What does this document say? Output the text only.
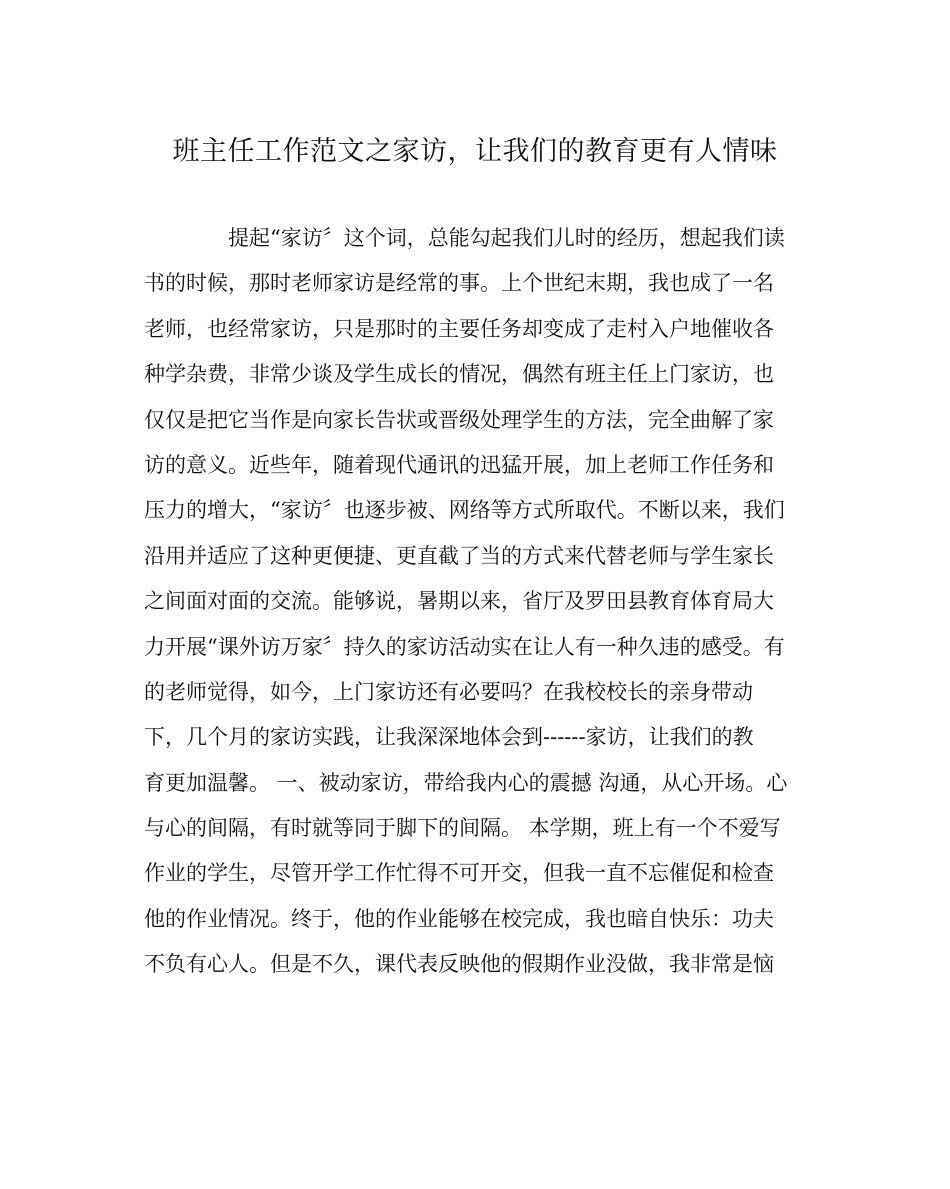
班主任工作范文之家访，让我们的教育更有人情味
提起“家访〞这个词，总能勾起我们儿时的经历，想起我们读
书的时候，那时老师家访是经常的事。上个世纪末期，我也成了一名
老师，也经常家访，只是那时的主要任务却变成了走村入户地催收各
种学杂费，非常少谈及学生成长的情况，偶然有班主任上门家访，也
仅仅是把它当作是向家长告状或晋级处理学生的方法，完全曲解了家
访的意义。近些年，随着现代通讯的迅猛开展，加上老师工作任务和
压力的增大，“家访〞也逐步被、网络等方式所取代。不断以来，我们
沿用并适应了这种更便捷、更直截了当的方式来代替老师与学生家长
之间面对面的交流。能够说，暑期以来，省厅及罗田县教育体育局大
力开展“课外访万家〞持久的家访活动实在让人有一种久违的感受。有
的老师觉得，如今，上门家访还有必要吗？在我校校长的亲身带动
下，几个月的家访实践，让我深深地体会到------家访，让我们的教
育更加温馨。 一、被动家访，带给我内心的震撼 沟通，从心开场。心
与心的间隔，有时就等同于脚下的间隔。 本学期，班上有一个不爱写
作业的学生，尽管开学工作忙得不可开交，但我一直不忘催促和检查
他的作业情况。终于，他的作业能够在校完成，我也暗自快乐：功夫
不负有心人。但是不久，课代表反映他的假期作业没做，我非常是恼
